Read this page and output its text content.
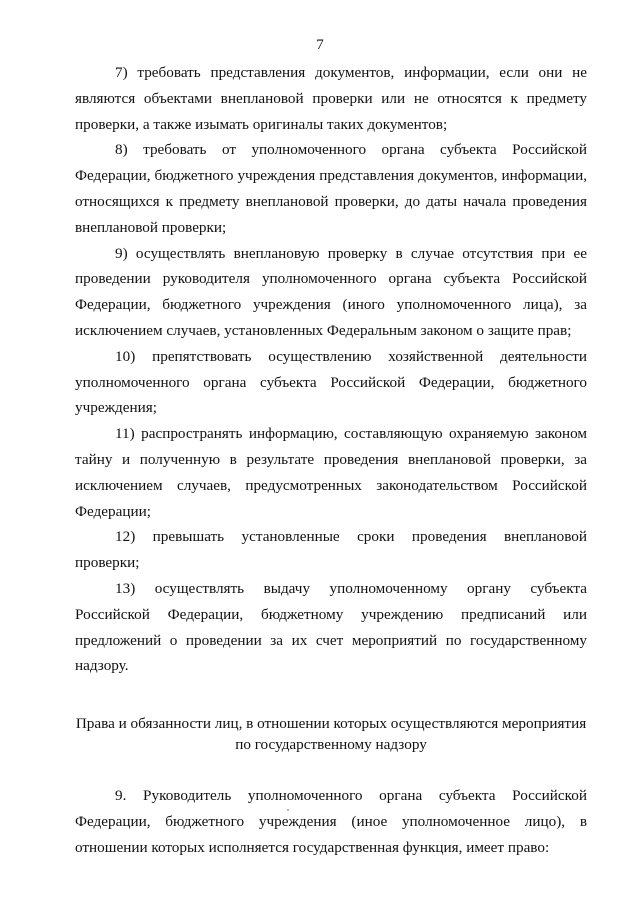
7

7) требовать представления документов, информации, если они не являются объектами внеплановой проверки или не относятся к предмету проверки, а также изымать оригиналы таких документов;

8) требовать от уполномоченного органа субъекта Российской Федерации, бюджетного учреждения представления документов, информации, относящихся к предмету внеплановой проверки, до даты начала проведения внеплановой проверки;

9) осуществлять внеплановую проверку в случае отсутствия при ее проведении руководителя уполномоченного органа субъекта Российской Федерации, бюджетного учреждения (иного уполномоченного лица), за исключением случаев, установленных Федеральным законом о защите прав;

10) препятствовать осуществлению хозяйственной деятельности уполномоченного органа субъекта Российской Федерации, бюджетного учреждения;

11) распространять информацию, составляющую охраняемую законом тайну и полученную в результате проведения внеплановой проверки, за исключением случаев, предусмотренных законодательством Российской Федерации;

12) превышать установленные сроки проведения внеплановой проверки;

13) осуществлять выдачу уполномоченному органу субъекта Российской Федерации, бюджетному учреждению предписаний или предложений о проведении за их счет мероприятий по государственному надзору.

Права и обязанности лиц, в отношении которых осуществляются мероприятия по государственному надзору

9. Руководитель уполномоченного органа субъекта Российской Федерации, бюджетного учреждения (иное уполномоченное лицо), в отношении которых исполняется государственная функция, имеет право:
